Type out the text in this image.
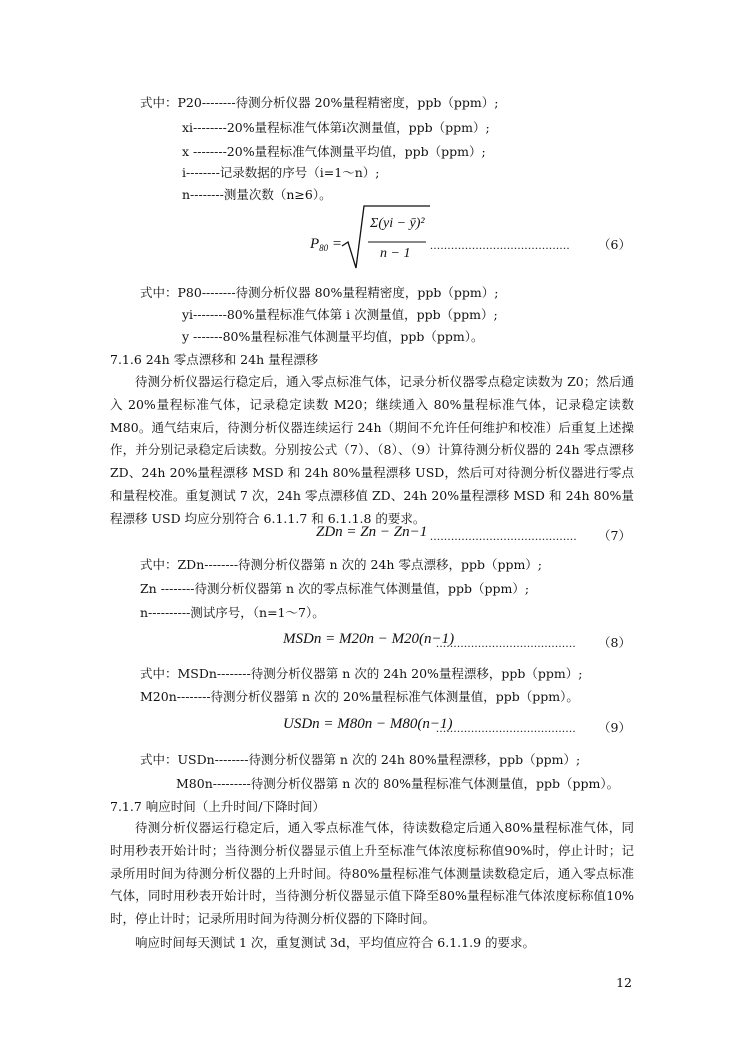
式中：P20--------待测分析仪器 20%量程精密度，ppb（ppm）;
xi--------20%量程标准气体第i次测量值，ppb（ppm）;
x --------20%量程标准气体测量平均值，ppb（ppm）;
i--------记录数据的序号（i=1～n）;
n--------测量次数（n≥6）。
$P_{80}$ =
Σ(yi − ȳ)²
n − 1
........................................ （6）
式中：P80--------待测分析仪器 80%量程精密度，ppb（ppm）;
yi--------80%量程标准气体第 i 次测量值，ppb（ppm）;
y -------80%量程标准气体测量平均值，ppb（ppm）。
7.1.6 24h 零点漂移和 24h 量程漂移
待测分析仪器运行稳定后，通入零点标准气体，记录分析仪器零点稳定读数为 Z0；然后通入 20%量程标准气体，记录稳定读数 M20；继续通入 80%量程标准气体，记录稳定读数 M80。通气结束后，待测分析仪器连续运行 24h（期间不允许任何维护和校准）后重复上述操作，并分别记录稳定后读数。分别按公式（7）、（8）、（9）计算待测分析仪器的 24h 零点漂移 ZD、24h 20%量程漂移 MSD 和 24h 80%量程漂移 USD，然后可对待测分析仪器进行零点和量程校准。重复测试 7 次，24h 零点漂移值 ZD、24h 20%量程漂移 MSD 和 24h 80%量程漂移 USD 均应分别符合 6.1.1.7 和 6.1.1.8 的要求。
ZDn = Zn − Zn−1 .......................................... （7）
式中：ZDn--------待测分析仪器第 n 次的 24h 零点漂移，ppb（ppm）;
Zn --------待测分析仪器第 n 次的零点标准气体测量值，ppb（ppm）;
n----------测试序号，（n=1～7）。
MSDn = M20n − M20(n−1)
........................................ （8）
式中：MSDn--------待测分析仪器第 n 次的 24h 20%量程漂移，ppb（ppm）;
M20n--------待测分析仪器第 n 次的 20%量程标准气体测量值，ppb（ppm）。
USDn = M80n − M80(n−1)
........................................ （9）
式中：USDn--------待测分析仪器第 n 次的 24h 80%量程漂移，ppb（ppm）;
M80n---------待测分析仪器第 n 次的 80%量程标准气体测量值，ppb（ppm）。
7.1.7 响应时间（上升时间/下降时间）
待测分析仪器运行稳定后，通入零点标准气体，待读数稳定后通入80%量程标准气体，同时用秒表开始计时；当待测分析仪器显示值上升至标准气体浓度标称值90%时，停止计时；记录所用时间为待测分析仪器的上升时间。待80%量程标准气体测量读数稳定后，通入零点标准气体，同时用秒表开始计时，当待测分析仪器显示值下降至80%量程标准气体浓度标称值10%时，停止计时；记录所用时间为待测分析仪器的下降时间。
响应时间每天测试 1 次，重复测试 3d，平均值应符合 6.1.1.9 的要求。
12
